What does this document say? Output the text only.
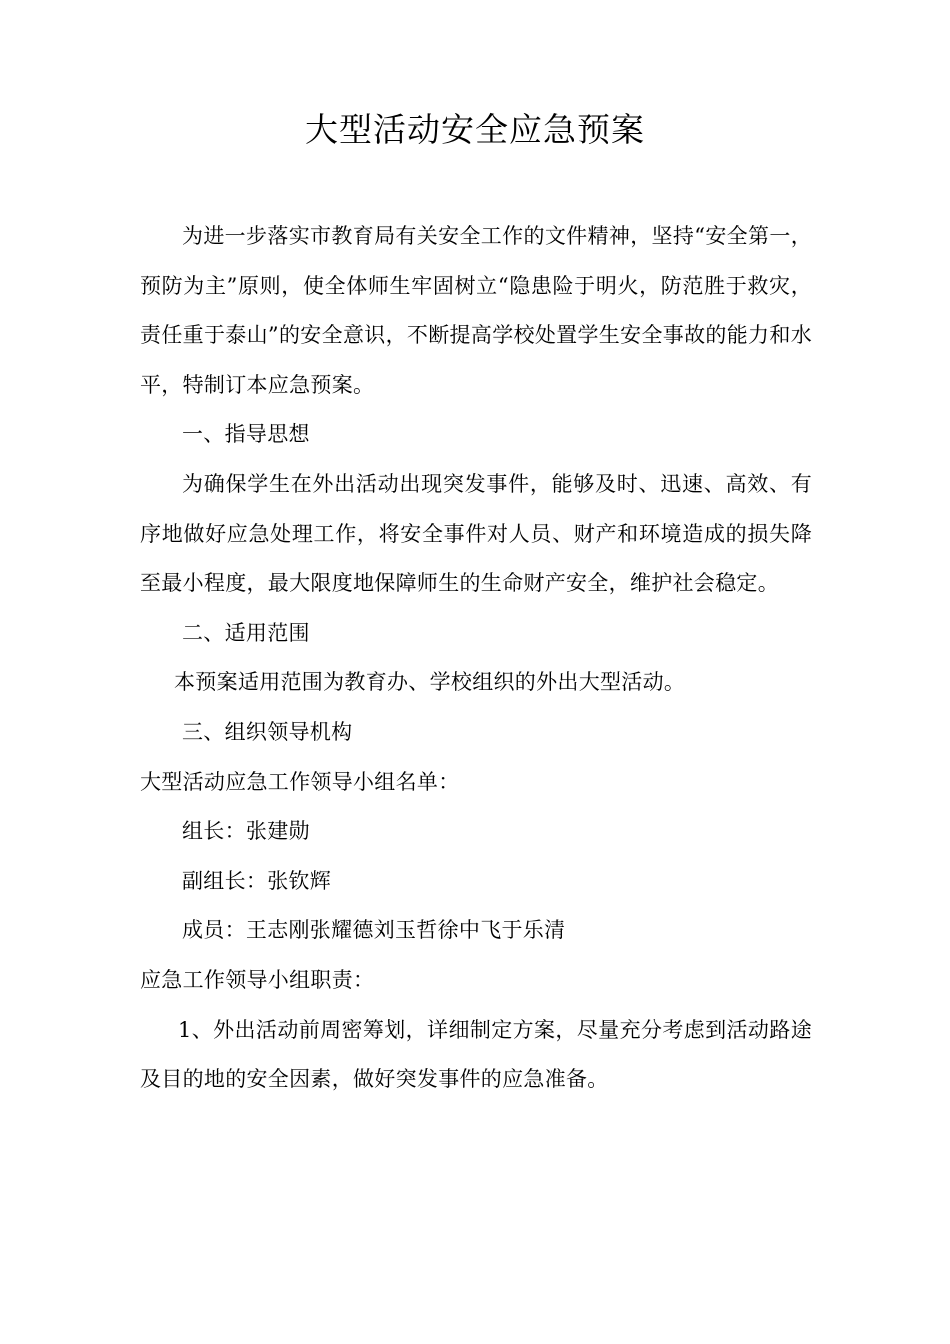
大型活动安全应急预案

为进一步落实市教育局有关安全工作的文件精神，坚持“安全第一，预防为主”原则，使全体师生牢固树立“隐患险于明火，防范胜于救灾，责任重于泰山”的安全意识，不断提高学校处置学生安全事故的能力和水平，特制订本应急预案。

一、指导思想

为确保学生在外出活动出现突发事件，能够及时、迅速、高效、有序地做好应急处理工作，将安全事件对人员、财产和环境造成的损失降至最小程度，最大限度地保障师生的生命财产安全，维护社会稳定。

二、适用范围

本预案适用范围为教育办、学校组织的外出大型活动。

三、组织领导机构

大型活动应急工作领导小组名单：

组长：张建勋

副组长：张钦辉

成员：王志刚张耀德刘玉哲徐中飞于乐清

应急工作领导小组职责：

1、外出活动前周密筹划，详细制定方案，尽量充分考虑到活动路途及目的地的安全因素，做好突发事件的应急准备。
